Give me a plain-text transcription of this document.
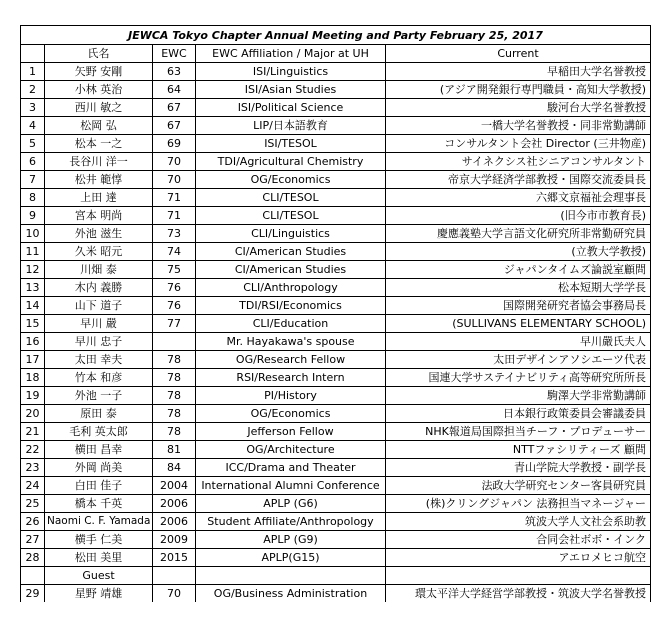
JEWCA Tokyo Chapter Annual Meeting and Party February 25, 2017				
	氏名	EWC	EWC Affiliation / Major at UH	Current
1	矢野 安剛	63	ISI/Linguistics	早稲田大学名誉教授
2	小林 英治	64	ISI/Asian Studies	(アジア開発銀行専門職員・高知大学教授)
3	西川 敏之	67	ISI/Political Science	駿河台大学名誉教授
4	松岡 弘	67	LIP/日本語教育	一橋大学名誉教授・同非常勤講師
5	松本 一之	69	ISI/TESOL	コンサルタント会社 Director (三井物産)
6	長谷川 洋一	70	TDI/Agricultural Chemistry	サイネクシス社シニアコンサルタント
7	松井 範惇	70	OG/Economics	帝京大学経済学部教授・国際交流委員長
8	上田 達	71	CLI/TESOL	六郷文京福祉会理事長
9	宮本 明尚	71	CLI/TESOL	(旧今市市教育長)
10	外池 滋生	73	CLI/Linguistics	慶應義塾大学言語文化研究所非常勤研究員
11	久米 昭元	74	CI/American Studies	(立教大学教授)
12	川畑 泰	75	CI/American Studies	ジャパンタイムズ論説室顧問
13	木内 義勝	76	CLI/Anthropology	松本短期大学学長
14	山下 道子	76	TDI/RSI/Economics	国際開発研究者協会事務局長
15	早川 嚴	77	CLI/Education	(SULLIVANS ELEMENTARY SCHOOL)
16	早川 忠子		Mr. Hayakawa's spouse	早川嚴氏夫人
17	太田 幸夫	78	OG/Research Fellow	太田デザインアソシエーツ代表
18	竹本 和彦	78	RSI/Research Intern	国連大学サステイナビリティ高等研究所所長
19	外池 一子	78	PI/History	駒澤大学非常勤講師
20	原田 泰	78	OG/Economics	日本銀行政策委員会審議委員
21	毛利 英太郎	78	Jefferson Fellow	NHK報道局国際担当チーフ・プロデューサー
22	横田 昌幸	81	OG/Architecture	NTTファシリティーズ 顧問
23	外岡 尚美	84	ICC/Drama and Theater	青山学院大学教授・副学長
24	白田 佳子	2004	International Alumni Conference	法政大学研究センター客員研究員
25	橋本 千英	2006	APLP (G6)	(株)クリングジャパン 法務担当マネージャー
26	Naomi C. F. Yamada	2006	Student Affiliate/Anthropology	筑波大学人文社会系助教
27	横手 仁美	2009	APLP (G9)	合同会社ボボ・インク
28	松田 美里	2015	APLP(G15)	アエロメヒコ航空
	Guest			
29	星野 靖雄	70	OG/Business Administration	環太平洋大学経営学部教授・筑波大学名誉教授
